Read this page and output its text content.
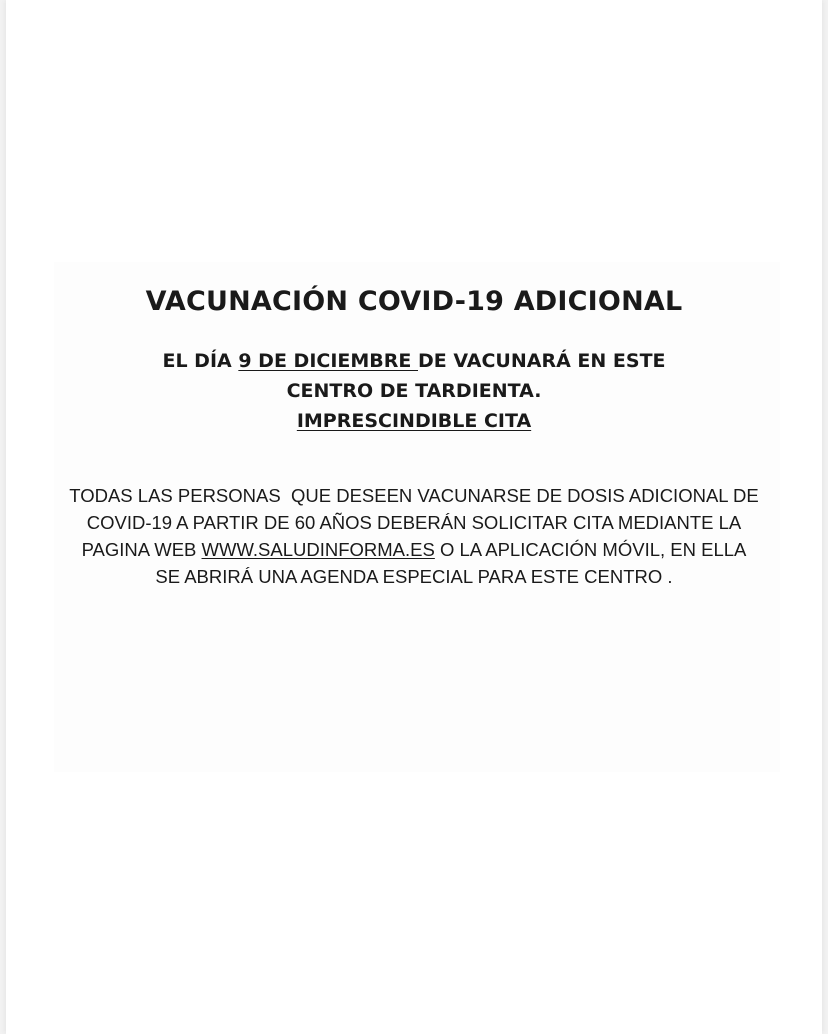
VACUNACIÓN COVID-19 ADICIONAL
EL DÍA 9 DE DICIEMBRE DE VACUNARÁ EN ESTE
CENTRO DE TARDIENTA.
IMPRESCINDIBLE CITA
TODAS LAS PERSONAS  QUE DESEEN VACUNARSE DE DOSIS ADICIONAL DE
COVID-19 A PARTIR DE 60 AÑOS DEBERÁN SOLICITAR CITA MEDIANTE LA
PAGINA WEB WWW.SALUDINFORMA.ES O LA APLICACIÓN MÓVIL, EN ELLA
SE ABRIRÁ UNA AGENDA ESPECIAL PARA ESTE CENTRO .
